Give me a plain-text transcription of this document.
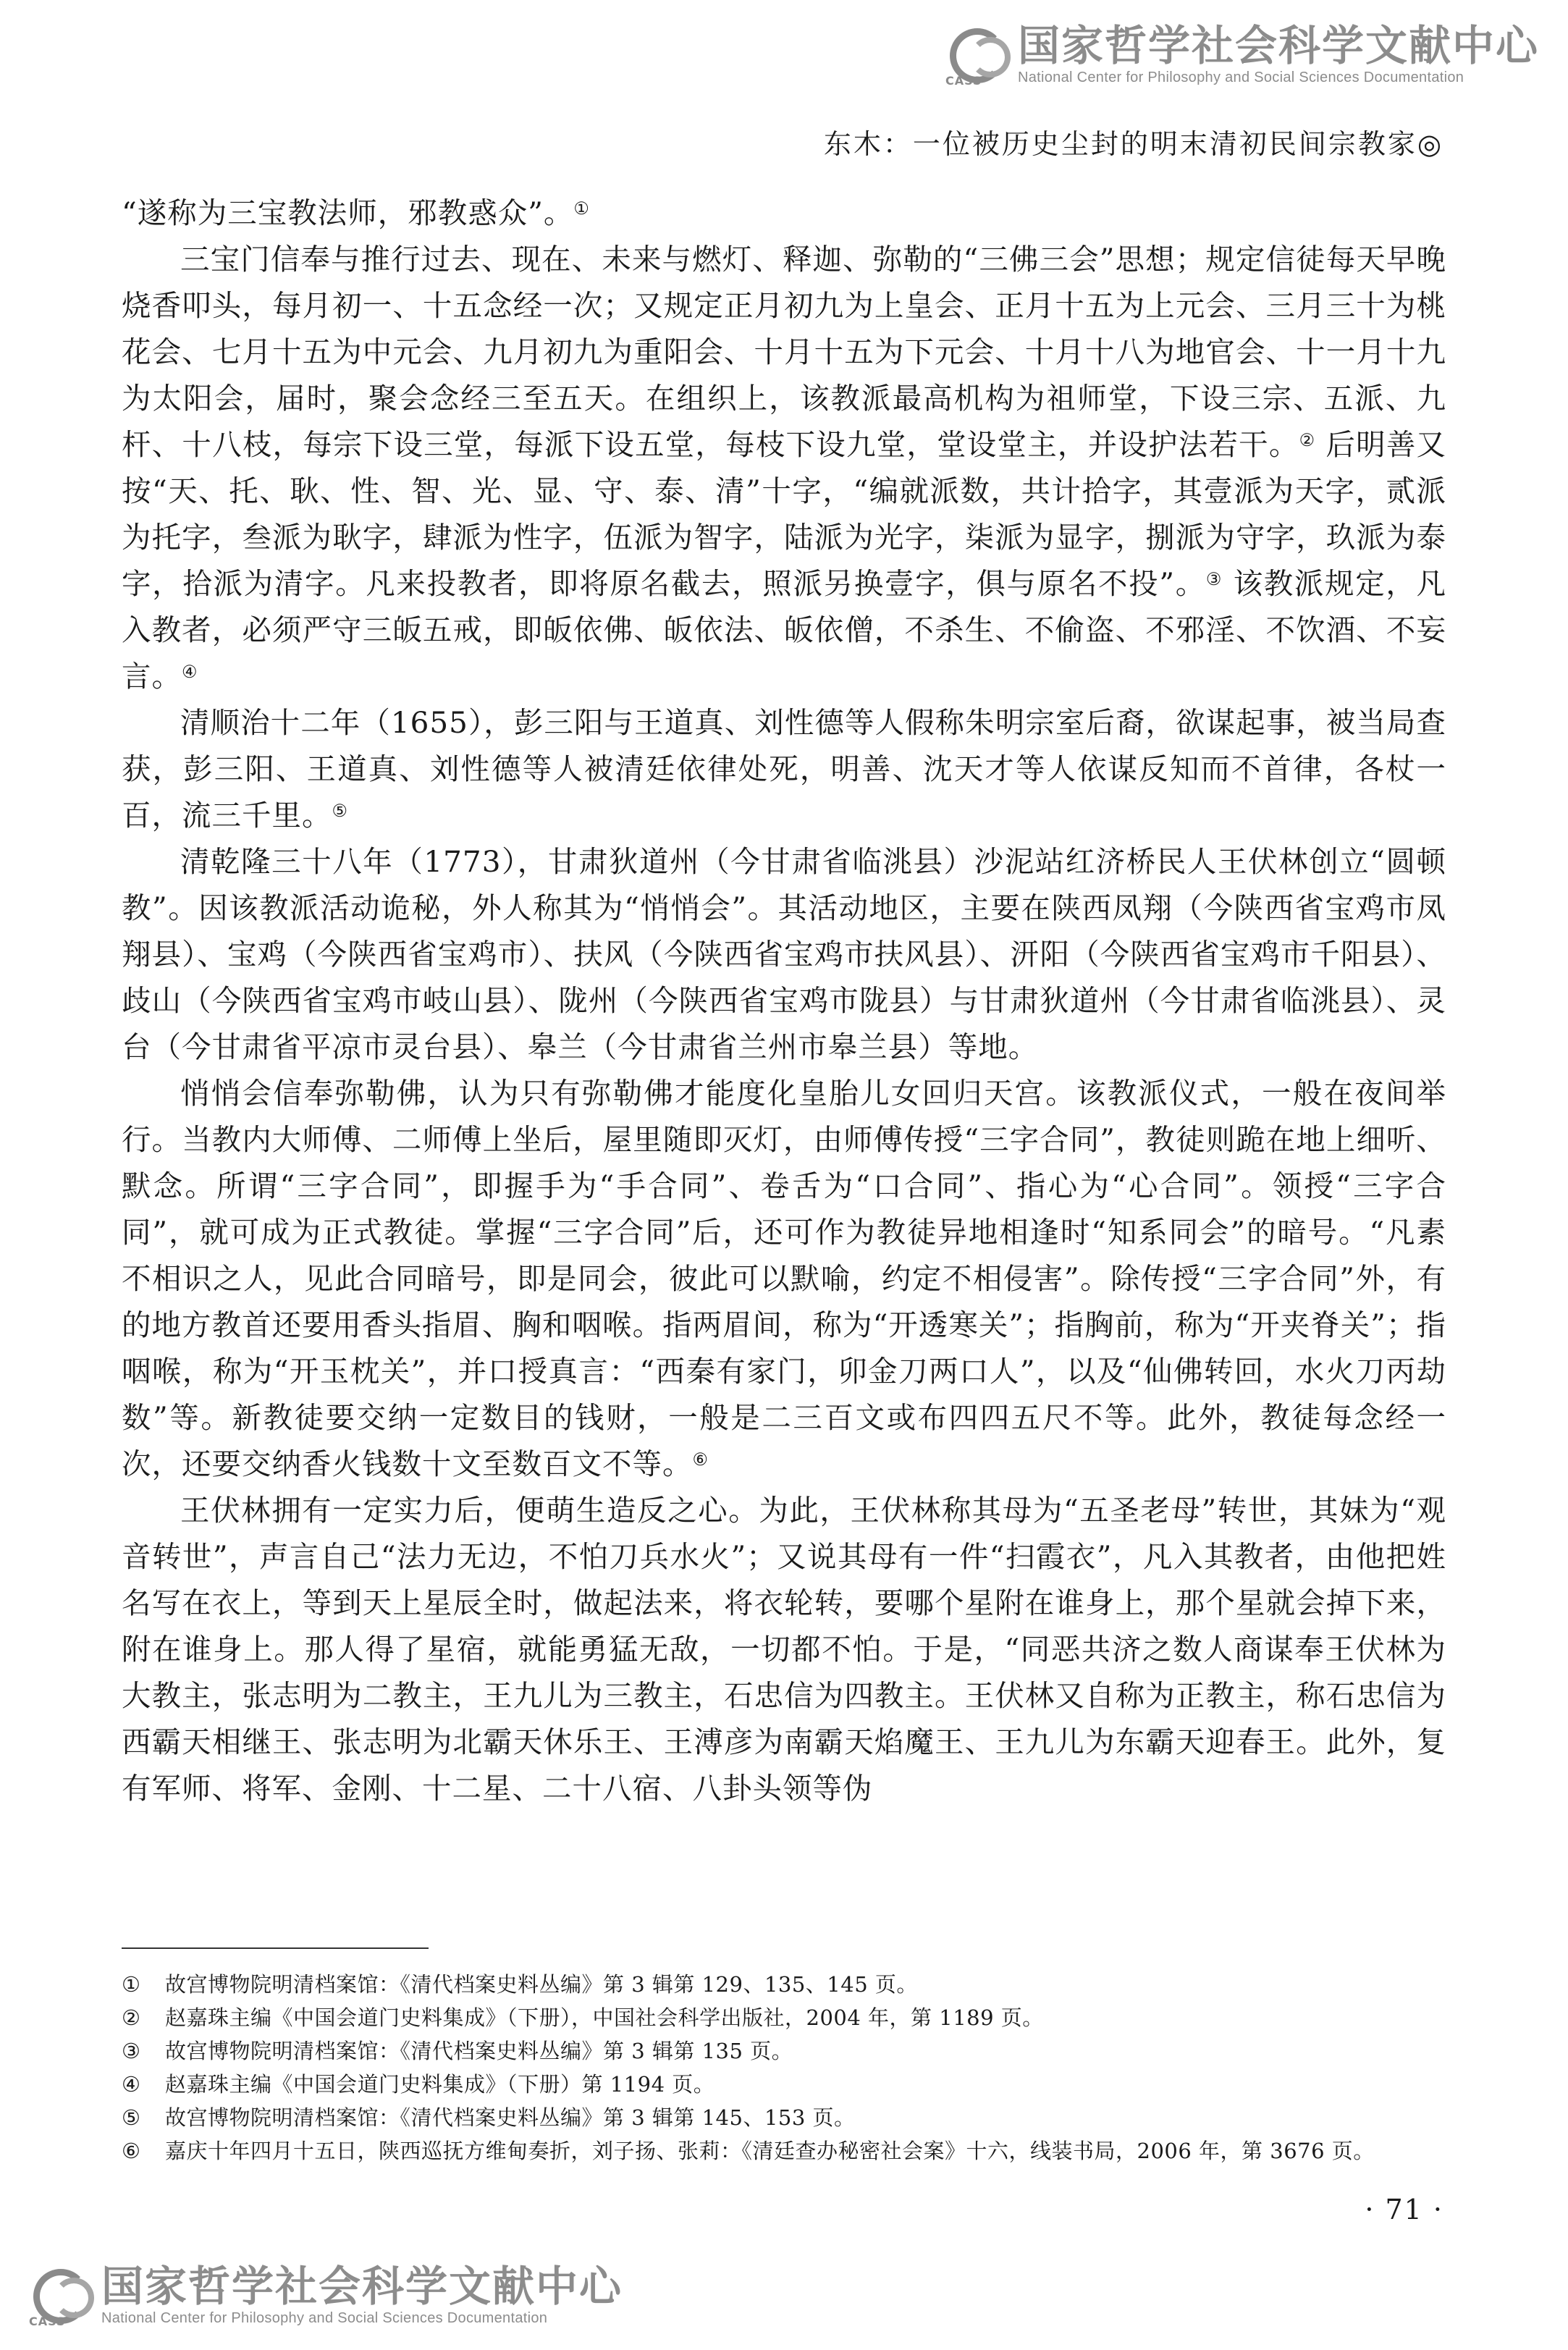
CASS
国家哲学社会科学文献中心
National Center for Philosophy and Social Sciences Documentation
东木：一位被历史尘封的明末清初民间宗教家◎

“遂称为三宝教法师，邪教惑众”。①

三宝门信奉与推行过去、现在、未来与燃灯、释迦、弥勒的“三佛三会”思想；规定信徒每天早晚烧香叩头，每月初一、十五念经一次；又规定正月初九为上皇会、正月十五为上元会、三月三十为桃花会、七月十五为中元会、九月初九为重阳会、十月十五为下元会、十月十八为地官会、十一月十九为太阳会，届时，聚会念经三至五天。在组织上，该教派最高机构为祖师堂，下设三宗、五派、九杆、十八枝，每宗下设三堂，每派下设五堂，每枝下设九堂，堂设堂主，并设护法若干。② 后明善又按“天、托、耿、性、智、光、显、守、泰、清”十字，“编就派数，共计拾字，其壹派为天字，贰派为托字，叁派为耿字，肆派为性字，伍派为智字，陆派为光字，柒派为显字，捌派为守字，玖派为泰字，拾派为清字。凡来投教者，即将原名截去，照派另换壹字，俱与原名不投”。③ 该教派规定，凡入教者，必须严守三皈五戒，即皈依佛、皈依法、皈依僧，不杀生、不偷盗、不邪淫、不饮酒、不妄言。④

清顺治十二年（1655），彭三阳与王道真、刘性德等人假称朱明宗室后裔，欲谋起事，被当局查获，彭三阳、王道真、刘性德等人被清廷依律处死，明善、沈天才等人依谋反知而不首律，各杖一百，流三千里。⑤

清乾隆三十八年（1773），甘肃狄道州（今甘肃省临洮县）沙泥站红济桥民人王伏林创立“圆顿教”。因该教派活动诡秘，外人称其为“悄悄会”。其活动地区，主要在陕西凤翔（今陕西省宝鸡市凤翔县）、宝鸡（今陕西省宝鸡市）、扶风（今陕西省宝鸡市扶风县）、汧阳（今陕西省宝鸡市千阳县）、歧山（今陕西省宝鸡市岐山县）、陇州（今陕西省宝鸡市陇县）与甘肃狄道州（今甘肃省临洮县）、灵台（今甘肃省平凉市灵台县）、皋兰（今甘肃省兰州市皋兰县）等地。

悄悄会信奉弥勒佛，认为只有弥勒佛才能度化皇胎儿女回归天宫。该教派仪式，一般在夜间举行。当教内大师傅、二师傅上坐后，屋里随即灭灯，由师傅传授“三字合同”，教徒则跪在地上细听、默念。所谓“三字合同”，即握手为“手合同”、卷舌为“口合同”、指心为“心合同”。领授“三字合同”，就可成为正式教徒。掌握“三字合同”后，还可作为教徒异地相逢时“知系同会”的暗号。“凡素不相识之人，见此合同暗号，即是同会，彼此可以默喻，约定不相侵害”。除传授“三字合同”外，有的地方教首还要用香头指眉、胸和咽喉。指两眉间，称为“开透寒关”；指胸前，称为“开夹脊关”；指咽喉，称为“开玉枕关”，并口授真言：“西秦有家门，卯金刀两口人”，以及“仙佛转回，水火刀丙劫数”等。新教徒要交纳一定数目的钱财，一般是二三百文或布四四五尺不等。此外，教徒每念经一次，还要交纳香火钱数十文至数百文不等。⑥

王伏林拥有一定实力后，便萌生造反之心。为此，王伏林称其母为“五圣老母”转世，其妹为“观音转世”，声言自己“法力无边，不怕刀兵水火”；又说其母有一件“扫霞衣”，凡入其教者，由他把姓名写在衣上，等到天上星辰全时，做起法来，将衣轮转，要哪个星附在谁身上，那个星就会掉下来，附在谁身上。那人得了星宿，就能勇猛无敌，一切都不怕。于是，“同恶共济之数人商谋奉王伏林为大教主，张志明为二教主，王九儿为三教主，石忠信为四教主。王伏林又自称为正教主，称石忠信为西霸天相继王、张志明为北霸天休乐王、王溥彦为南霸天焰魔王、王九儿为东霸天迎春王。此外，复有军师、将军、金刚、十二星、二十八宿、八卦头领等伪

①	故宫博物院明清档案馆：《清代档案史料丛编》第 3 辑第 129、135、145 页。
②	赵嘉珠主编《中国会道门史料集成》（下册），中国社会科学出版社，2004 年，第 1189 页。
③	故宫博物院明清档案馆：《清代档案史料丛编》第 3 辑第 135 页。
④	赵嘉珠主编《中国会道门史料集成》（下册）第 1194 页。
⑤	故宫博物院明清档案馆：《清代档案史料丛编》第 3 辑第 145、153 页。
⑥	嘉庆十年四月十五日，陕西巡抚方维甸奏折，刘子扬、张莉：《清廷查办秘密社会案》十六，线装书局，2006 年，第 3676 页。
· 71 ·
CASS
国家哲学社会科学文献中心
National Center for Philosophy and Social Sciences Documentation
